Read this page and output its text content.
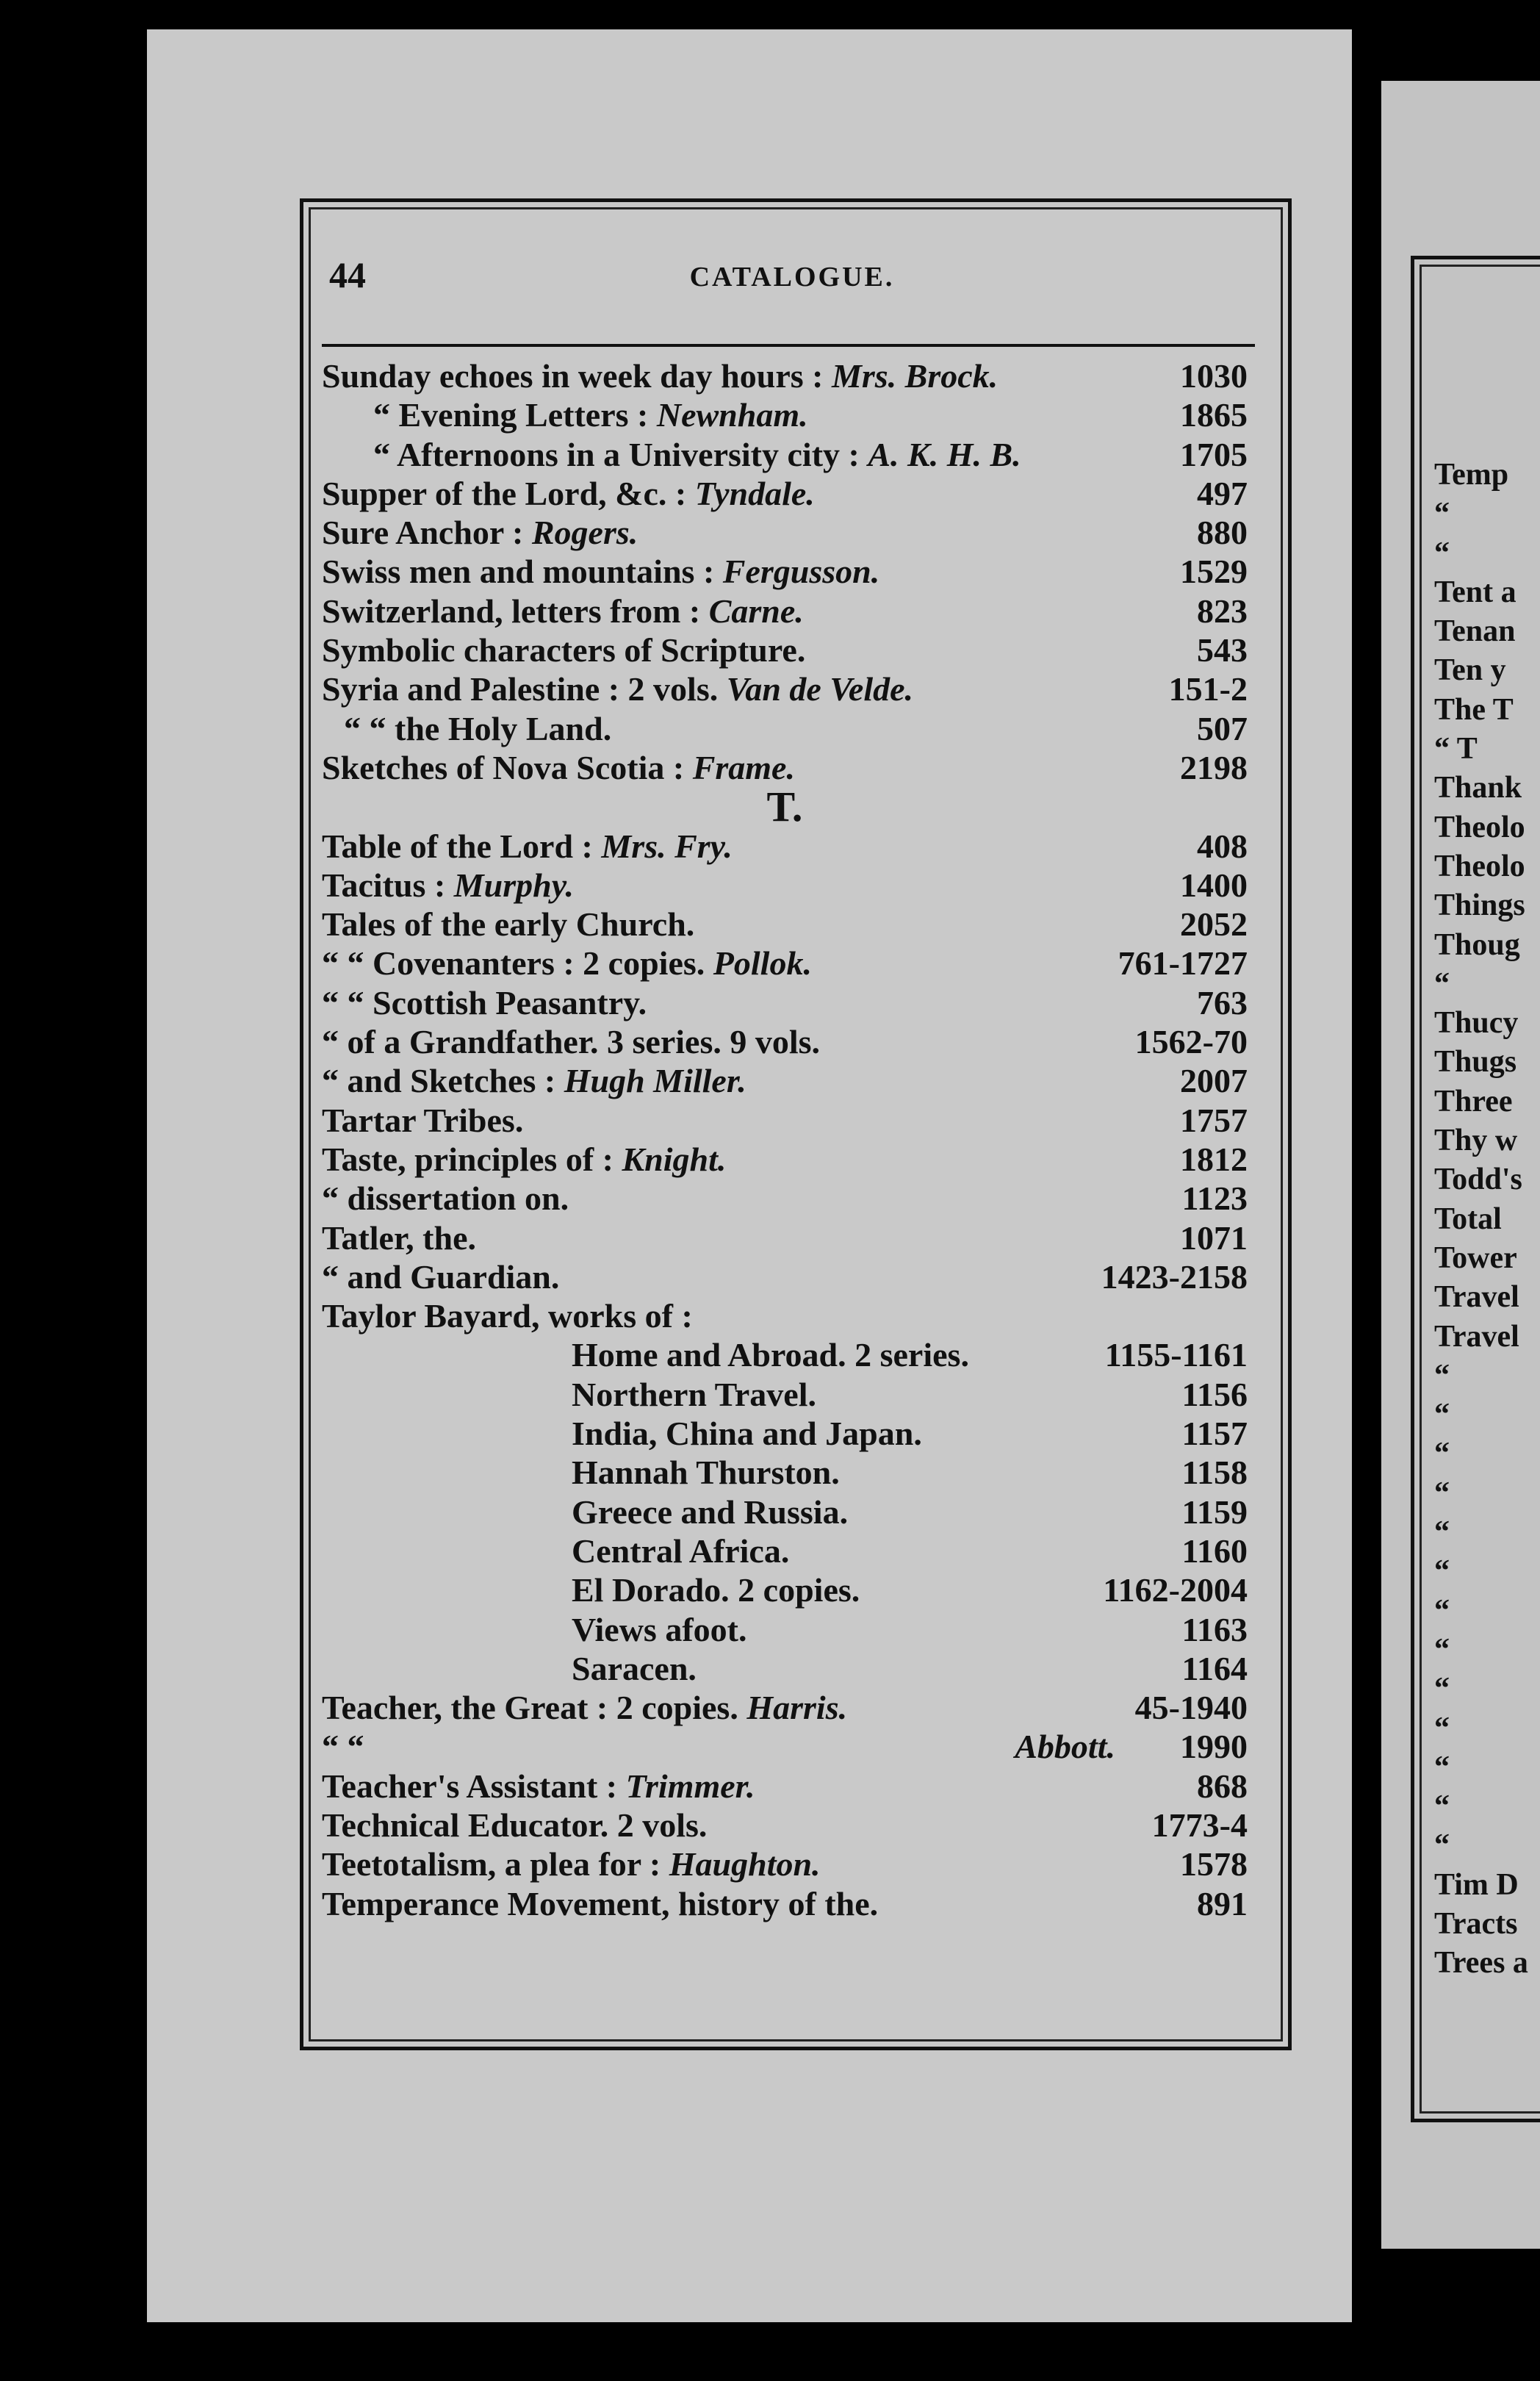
Temp
“
“
Tent a
Tenan
Ten y
The T
“ T
Thank
Theolo
Theolo
Things
Thoug
“
Thucy
Thugs
Three
Thy w
Todd's
Total
Tower
Travel
Travel
“
“
“
“
“
“
“
“
“
“
“
“
“
Tim D
Tracts
Trees a
44	CATALOGUE.
Sunday echoes in week day hours : Mrs. Brock.	1030
“ Evening Letters : Newnham.	1865
“ Afternoons in a University city : A. K. H. B.	1705
Supper of the Lord, &c. : Tyndale.	497
Sure Anchor : Rogers.	880
Swiss men and mountains : Fergusson.	1529
Switzerland, letters from : Carne.	823
Symbolic characters of Scripture.	543
Syria and Palestine : 2 vols. Van de Velde.	151-2
“ “ the Holy Land.	507
Sketches of Nova Scotia : Frame.	2198
T.
Table of the Lord : Mrs. Fry.	408
Tacitus : Murphy.	1400
Tales of the early Church.	2052
“ “ Covenanters : 2 copies. Pollok.	761-1727
“ “ Scottish Peasantry.	763
“ of a Grandfather. 3 series. 9 vols.	1562-70
“ and Sketches : Hugh Miller.	2007
Tartar Tribes.	1757
Taste, principles of : Knight.	1812
“ dissertation on.	1123
Tatler, the.	1071
“ and Guardian.	1423-2158
Taylor Bayard, works of :
Home and Abroad. 2 series.	1155-1161
Northern Travel.	1156
India, China and Japan.	1157
Hannah Thurston.	1158
Greece and Russia.	1159
Central Africa.	1160
El Dorado. 2 copies.	1162-2004
Views afoot.	1163
Saracen.	1164
Teacher, the Great : 2 copies. Harris.	45-1940
“ “	Abbott. 1990
Teacher's Assistant : Trimmer.	868
Technical Educator. 2 vols.	1773-4
Teetotalism, a plea for : Haughton.	1578
Temperance Movement, history of the.	891
